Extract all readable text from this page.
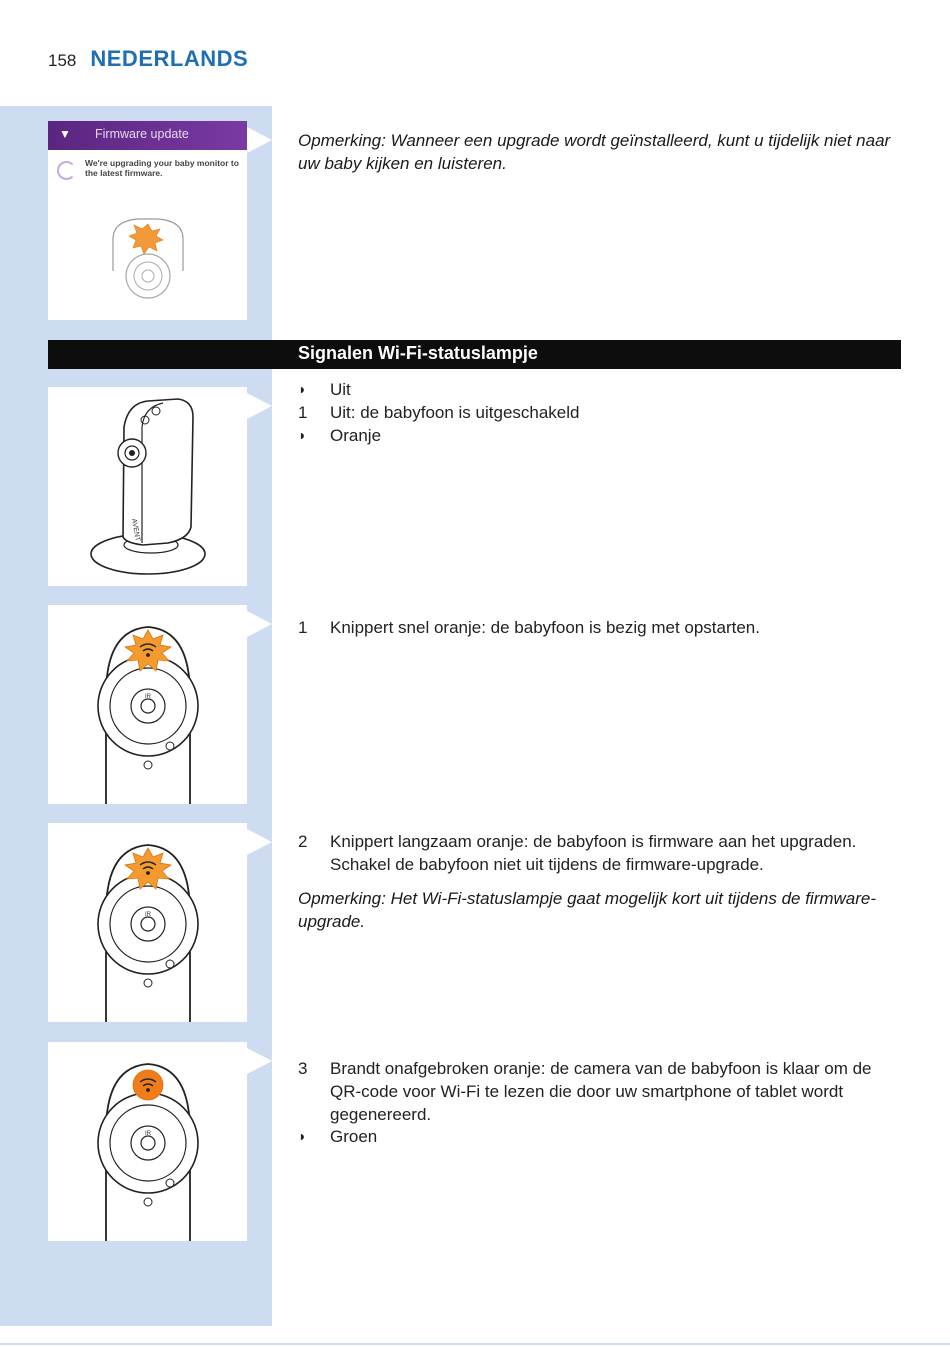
158 NEDERLANDS
▼ Firmware update
We're upgrading your baby monitor to the latest firmware.
Opmerking: Wanneer een upgrade wordt geïnstalleerd, kunt u tijdelijk niet naar uw baby kijken en luisteren.
Signalen Wi-Fi-statuslampje
AVENT
◗	Uit
1	Uit: de babyfoon is uitgeschakeld
◗	Oranje
IR
1	Knippert snel oranje: de babyfoon is bezig met opstarten.
IR
2	Knippert langzaam oranje: de babyfoon is firmware aan het upgraden. Schakel de babyfoon niet uit tijdens de firmware-upgrade.
Opmerking: Het Wi-Fi-statuslampje gaat mogelijk kort uit tijdens de firmware-upgrade.
IR
3	Brandt onafgebroken oranje: de camera van de babyfoon is klaar om de QR-code voor Wi-Fi te lezen die door uw smartphone of tablet wordt gegenereerd.
◗	Groen
